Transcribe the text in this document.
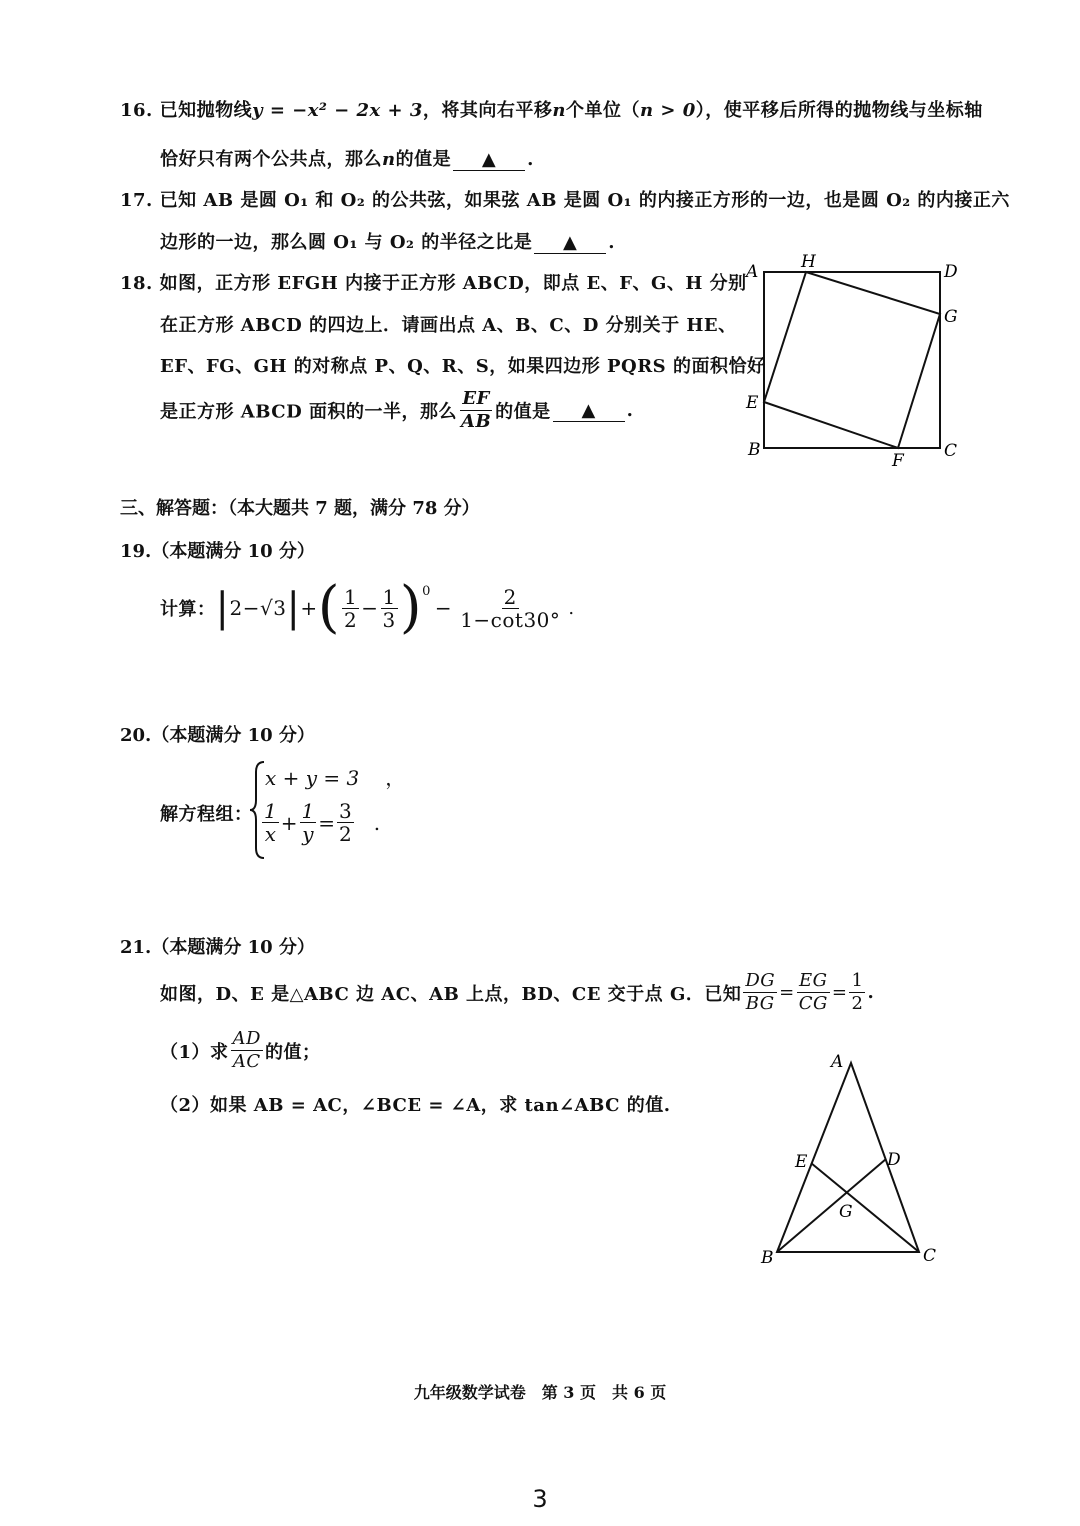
16. 已知抛物线y = −x² − 2x + 3，将其向右平移n个单位（n > 0），使平移后所得的抛物线与坐标轴
恰好只有两个公共点，那么n的值是 ▲ .
17. 已知 AB 是圆 O₁ 和 O₂ 的公共弦，如果弦 AB 是圆 O₁ 的内接正方形的一边，也是圆 O₂ 的内接正六
边形的一边，那么圆 O₁ 与 O₂ 的半径之比是 ▲ .
18. 如图，正方形 EFGH 内接于正方形 ABCD，即点 E、F、G、H 分别
在正方形 ABCD 的四边上．请画出点 A、B、C、D 分别关于 HE、
EF、FG、GH 的对称点 P、Q、R、S，如果四边形 PQRS 的面积恰好
是正方形 ABCD 面积的一半，那么 $\frac{EF}{AB}$ 的值是 ▲ .
A	H	D
G
E
B
F C
三、解答题：（本大题共 7 题，满分 78 分）
19.（本题满分 10 分）
计算： | 2−√3 | + ( $\frac{1}{2} - \frac{1}{3}$ ) 0
− $\frac{2}{1-\cot 30^\circ}$ .
20.（本题满分 10 分）
解方程组：
x + y = 3 ，
$\frac{1}{x} + \frac{1}{y} = \frac{3}{2}$ .
21.（本题满分 10 分）
如图，D、E 是△ABC 边 AC、AB 上点，BD、CE 交于点 G．已知 $\frac{DG}{BG} = \frac{EG}{CG} = \frac{1}{2}$ .
（1）求 $\frac{AD}{AC}$ 的值；
（2）如果 AB = AC，∠BCE = ∠A，求 tan∠ABC 的值.
A
E	D
G
B	C
九年级数学试卷　第 3 页　共 6 页
3
